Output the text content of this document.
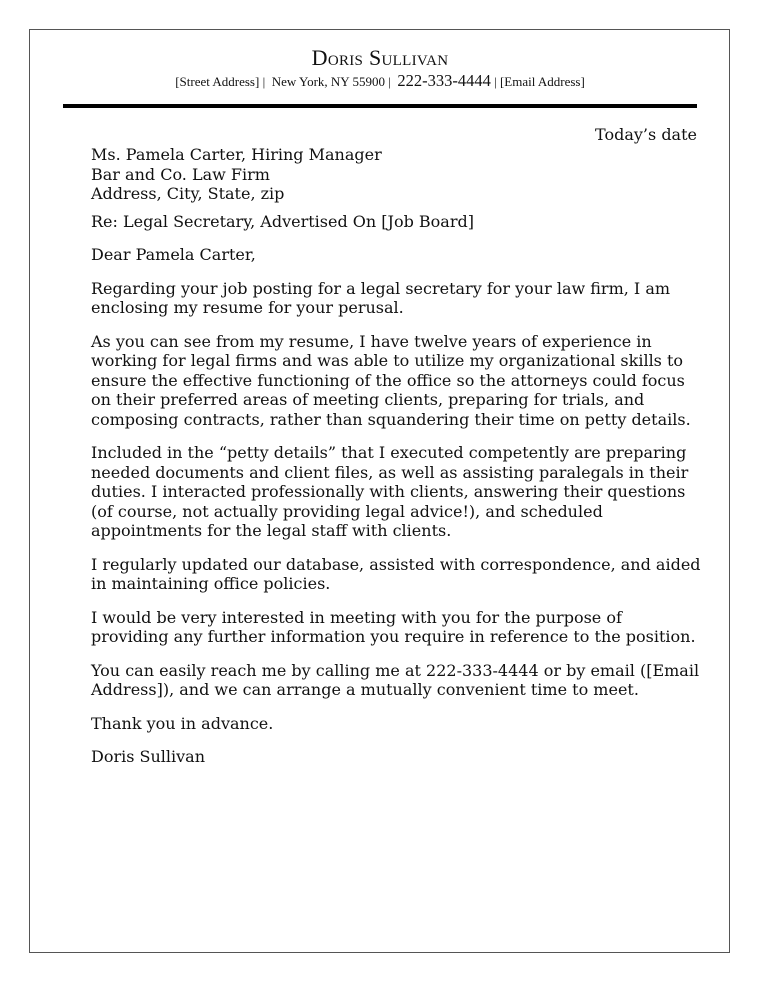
Doris Sullivan
[Street Address] | New York, NY 55900 | 222-333-4444 | [Email Address]
Today’s date
Ms. Pamela Carter, Hiring Manager
Bar and Co. Law Firm
Address, City, State, zip

Re: Legal Secretary, Advertised On [Job Board]

Dear Pamela Carter,

Regarding your job posting for a legal secretary for your law firm, I am enclosing my resume for your perusal.

As you can see from my resume, I have twelve years of experience in working for legal firms and was able to utilize my organizational skills to ensure the effective functioning of the office so the attorneys could focus on their preferred areas of meeting clients, preparing for trials, and composing contracts, rather than squandering their time on petty details.

Included in the “petty details” that I executed competently are preparing needed documents and client files, as well as assisting paralegals in their duties. I interacted professionally with clients, answering their questions (of course, not actually providing legal advice!), and scheduled appointments for the legal staff with clients.

I regularly updated our database, assisted with correspondence, and aided in maintaining office policies.

I would be very interested in meeting with you for the purpose of providing any further information you require in reference to the position.

You can easily reach me by calling me at 222-333-4444 or by email ([Email Address]), and we can arrange a mutually convenient time to meet.

Thank you in advance.

Doris Sullivan
